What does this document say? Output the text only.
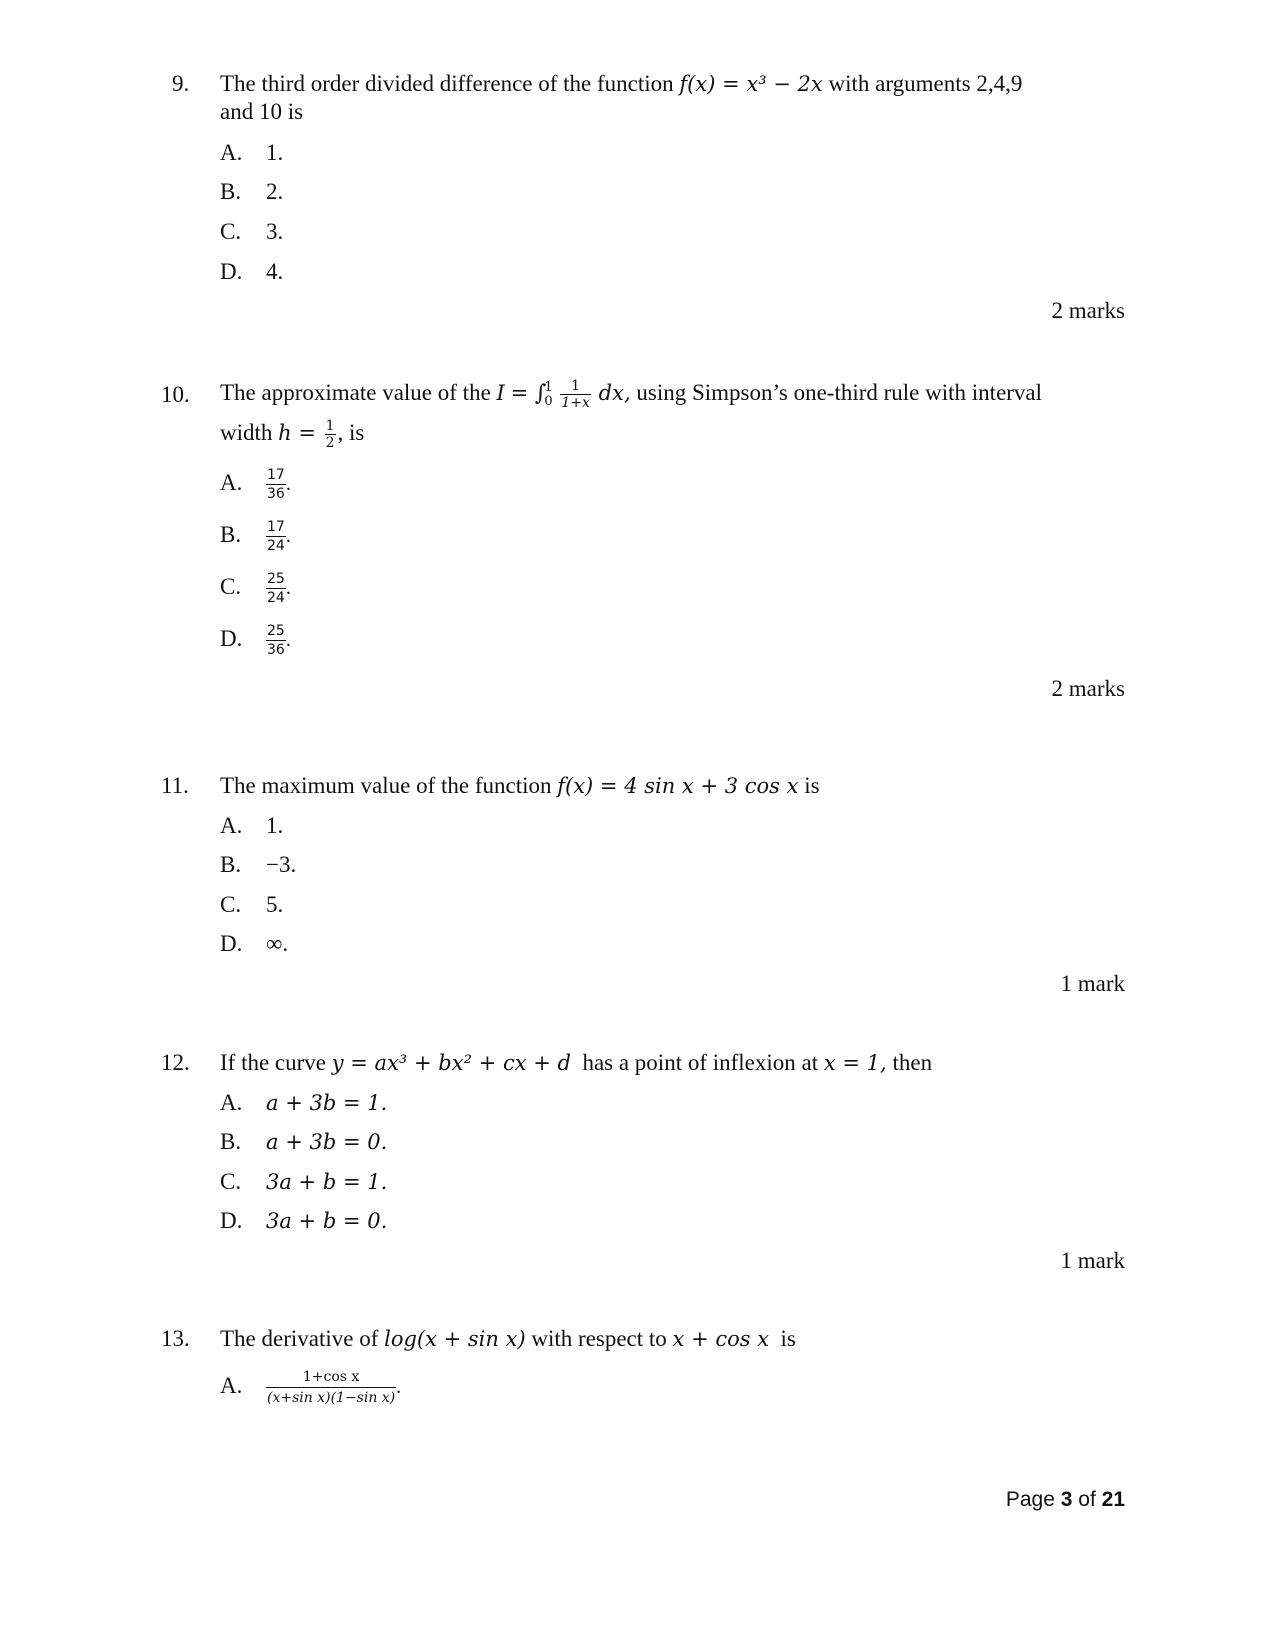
9. The third order divided difference of the function f(x) = x³ − 2x with arguments 2,4,9
and 10 is
A. 1.
B. 2.
C. 3.
D. 4.
2 marks
10. The approximate value of the I = ∫
1
0
$\frac{1}{1+x}$ dx, using Simpson’s one-third rule with interval
width $h = \frac{1}{2}$ , is
A. $\frac{17}{36}$ .
B. $\frac{17}{24}$ .
C. $\frac{25}{24}$ .
D. $\frac{25}{36}$ .
2 marks
11. The maximum value of the function f(x) = 4 sin x + 3 cos x is
A. 1.
B. −3.
C. 5.
D. ∞.
1 mark
12. If the curve y = ax³ + bx² + cx + d  has a point of inflexion at x = 1, then
A. a + 3b = 1.
B. a + 3b = 0.
C. 3a + b = 1.
D. 3a + b = 0.
1 mark
13. The derivative of log(x + sin x) with respect to x + cos x  is
A. $\frac{\text{1+cos x}}{\text{(x+sin x)(1−sin x)}}$ .
Page 3 of 21
